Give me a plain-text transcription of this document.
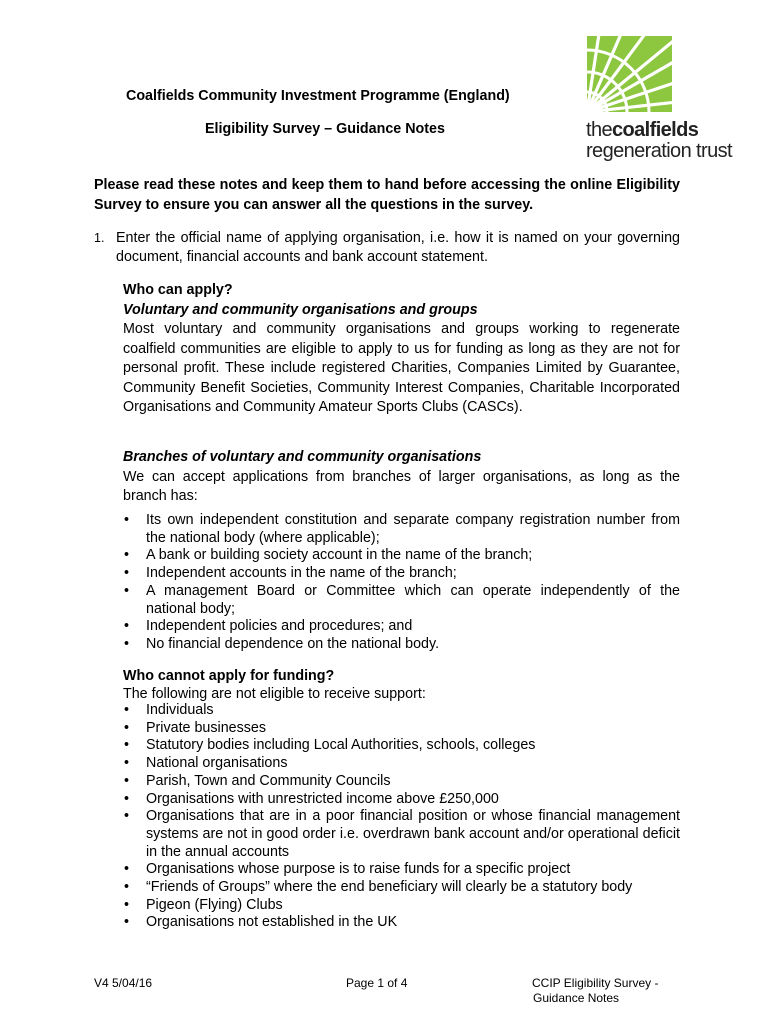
Coalfields Community Investment Programme (England)
Eligibility Survey – Guidance Notes	thecoalfields
regeneration trust
Please read these notes and keep them to hand before accessing the online Eligibility Survey to ensure you can answer all the questions in the survey.
1. Enter the official name of applying organisation, i.e. how it is named on your governing document, financial accounts and bank account statement.
Who can apply?
Voluntary and community organisations and groups
Most voluntary and community organisations and groups working to regenerate coalfield communities are eligible to apply to us for funding as long as they are not for personal profit. These include registered Charities, Companies Limited by Guarantee, Community Benefit Societies, Community Interest Companies, Charitable Incorporated Organisations and Community Amateur Sports Clubs (CASCs).
Branches of voluntary and community organisations
We can accept applications from branches of larger organisations, as long as the branch has:
• Its own independent constitution and separate company registration number from the national body (where applicable);
• A bank or building society account in the name of the branch;
• Independent accounts in the name of the branch;
• A management Board or Committee which can operate independently of the national body;
• Independent policies and procedures; and
• No financial dependence on the national body.
Who cannot apply for funding?
The following are not eligible to receive support:
• Individuals
• Private businesses
• Statutory bodies including Local Authorities, schools, colleges
• National organisations
• Parish, Town and Community Councils
• Organisations with unrestricted income above £250,000
• Organisations that are in a poor financial position or whose financial management systems are not in good order i.e. overdrawn bank account and/or operational deficit in the annual accounts
• Organisations whose purpose is to raise funds for a specific project
• “Friends of Groups” where the end beneficiary will clearly be a statutory body
• Pigeon (Flying) Clubs
• Organisations not established in the UK
V4 5/04/16	Page 1 of 4	CCIP Eligibility Survey -
Guidance Notes
